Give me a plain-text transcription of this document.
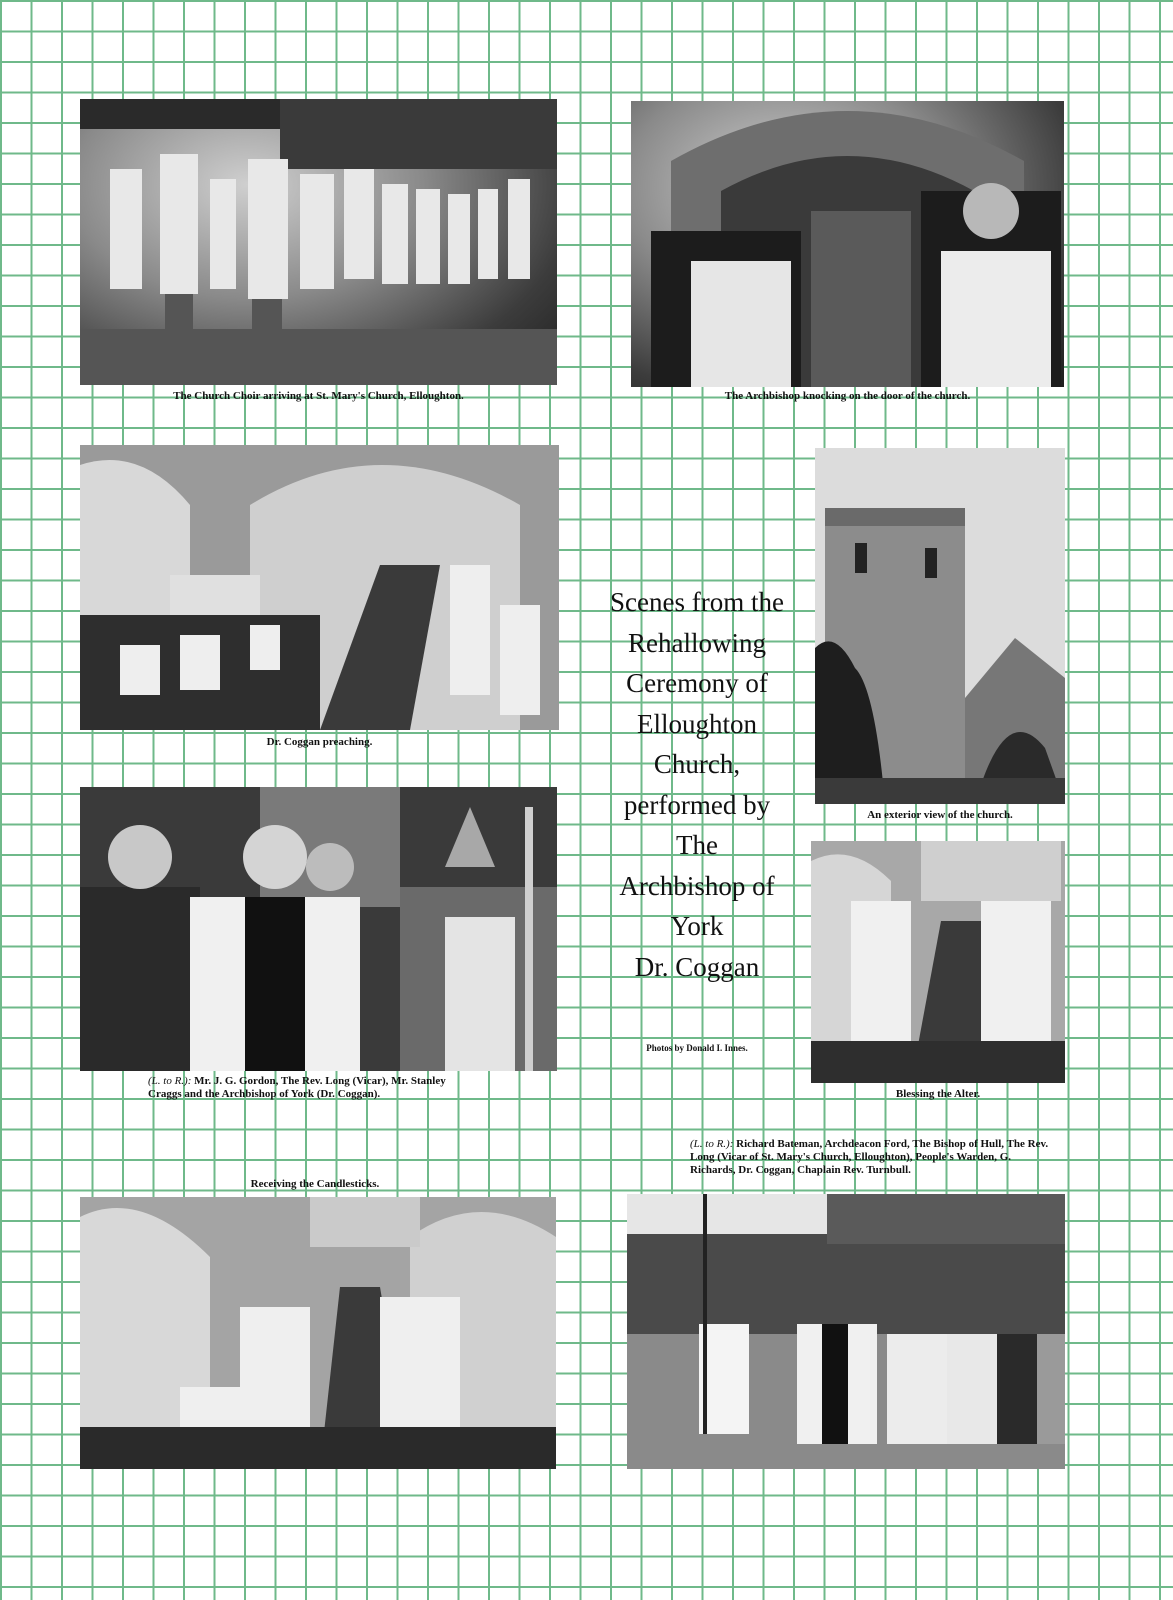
The Church Choir arriving at St. Mary's Church, Elloughton.	The Archbishop knocking on the door of the church.
Dr. Coggan preaching.
Scenes from the
Rehallowing
Ceremony of
Elloughton
Church,
performed by
The
Archbishop of
York
Dr. Coggan
Photos by Donald I. Innes.
An exterior view of the church.
(L. to R.): Mr. J. G. Gordon, The Rev. Long (Vicar), Mr. Stanley Craggs and the Archbishop of York (Dr. Coggan).	Blessing the Alter.
(L. to R.): Richard Bateman, Archdeacon Ford, The Bishop of Hull, The Rev. Long (Vicar of St. Mary's Church, Elloughton), People's Warden, G. Richards, Dr. Coggan, Chaplain Rev. Turnbull.
Receiving the Candlesticks.
